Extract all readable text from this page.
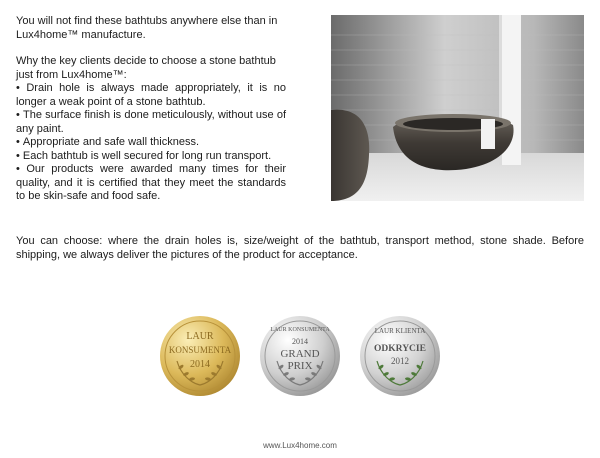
You will not find these bathtubs anywhere else than in Lux4home™ manufacture.

Why the key clients decide to choose a stone bathtub just from Lux4home™:

• Drain hole is always made appropriately, it is no longer a weak point of a stone bathtub.
• The surface finish is done meticulously, without use of any paint.
• Appropriate and safe wall thickness.
• Each bathtub is well secured for long run transport.
• Our products were awarded many times for their quality, and it is certified that they meet the standards to be skin-safe and food safe.

You can choose: where the drain holes is, size/weight of the bathtub, transport method, stone shade. Before shipping, we always deliver the pictures of the product for acceptance.

LAUR
KONSUMENTA
2014
LAUR KONSUMENTA
2014
GRAND
PRIX
LAUR KLIENTA
ODKRYCIE
2012
www.Lux4home.com
